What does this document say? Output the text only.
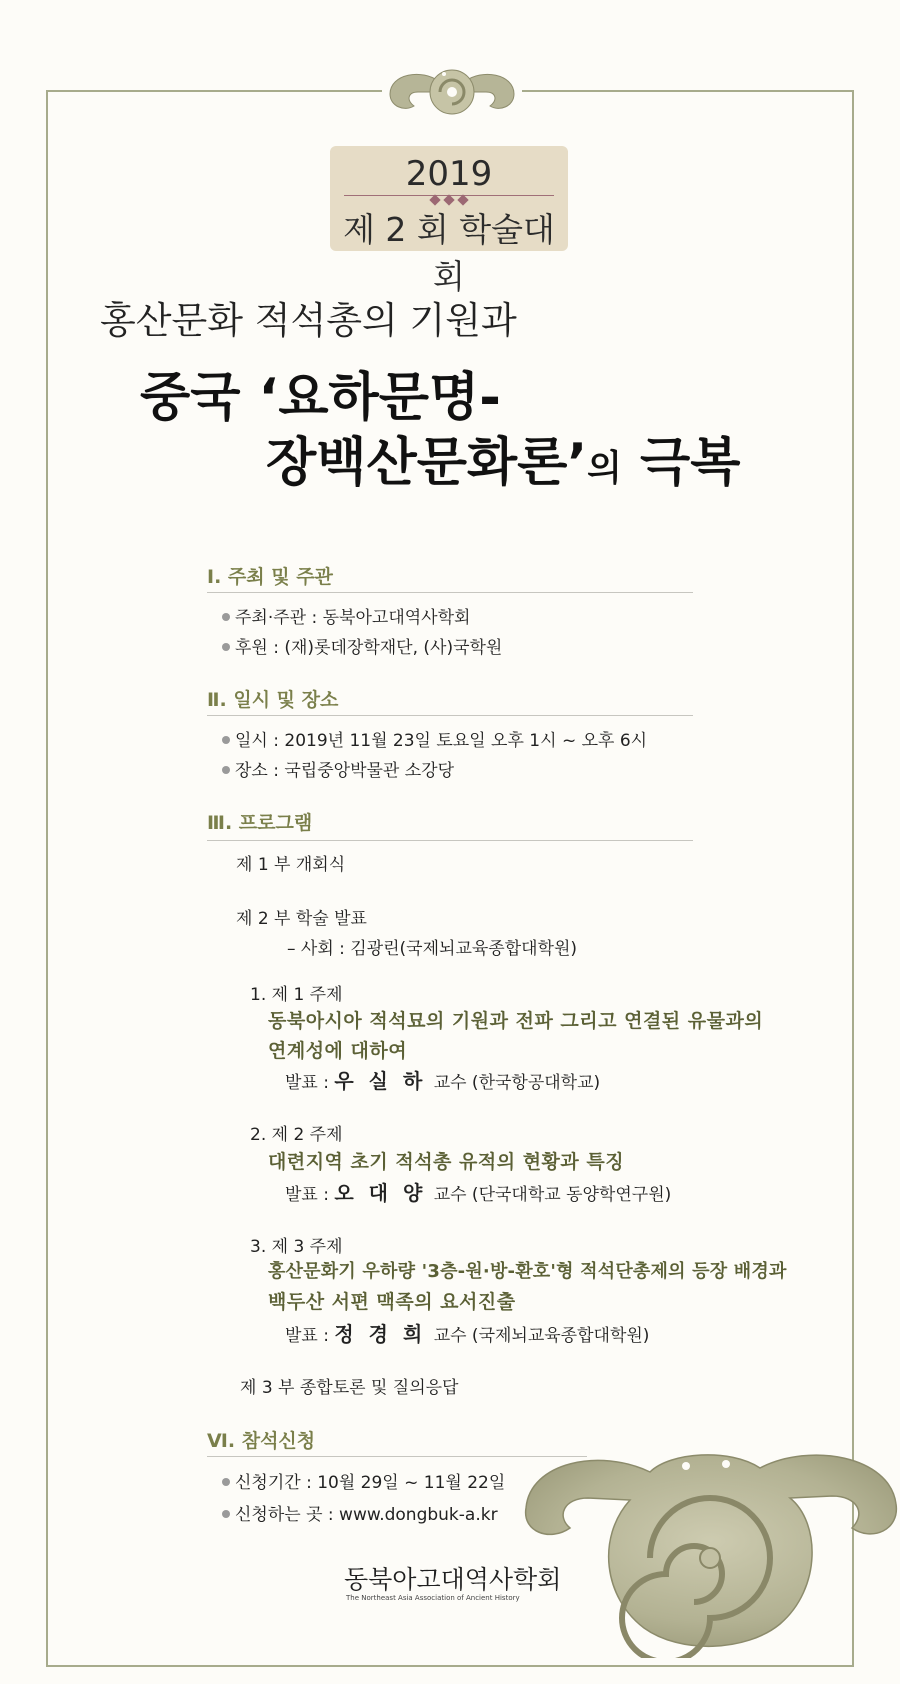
2019
제 2 회 학술대회
홍산문화 적석총의 기원과
중국 ‘요하문명-
장백산문화론’의 극복
Ⅰ. 주최 및 주관
주최·주관 : 동북아고대역사학회
후원 : (재)롯데장학재단, (사)국학원
Ⅱ. 일시 및 장소
일시 : 2019년 11월 23일 토요일 오후 1시 ~ 오후 6시
장소 : 국립중앙박물관 소강당
Ⅲ. 프로그램
제 1 부 개회식
제 2 부 학술 발표
– 사회 : 김광린(국제뇌교육종합대학원)
1. 제 1 주제
동북아시아 적석묘의 기원과 전파 그리고 연결된 유물과의
연계성에 대하여
발표 : 우 실 하 교수 (한국항공대학교)
2. 제 2 주제
대련지역 초기 적석총 유적의 현황과 특징
발표 : 오 대 양 교수 (단국대학교 동양학연구원)
3. 제 3 주제
홍산문화기 우하량 '3층-원·방-환호'형 적석단총제의 등장 배경과
백두산 서편 맥족의 요서진출
발표 : 정 경 희 교수 (국제뇌교육종합대학원)
제 3 부 종합토론 및 질의응답
Ⅵ. 참석신청
신청기간 : 10월 29일 ~ 11월 22일
신청하는 곳 : www.dongbuk-a.kr
동북아고대역사학회
The Northeast Asia Association of Ancient History
